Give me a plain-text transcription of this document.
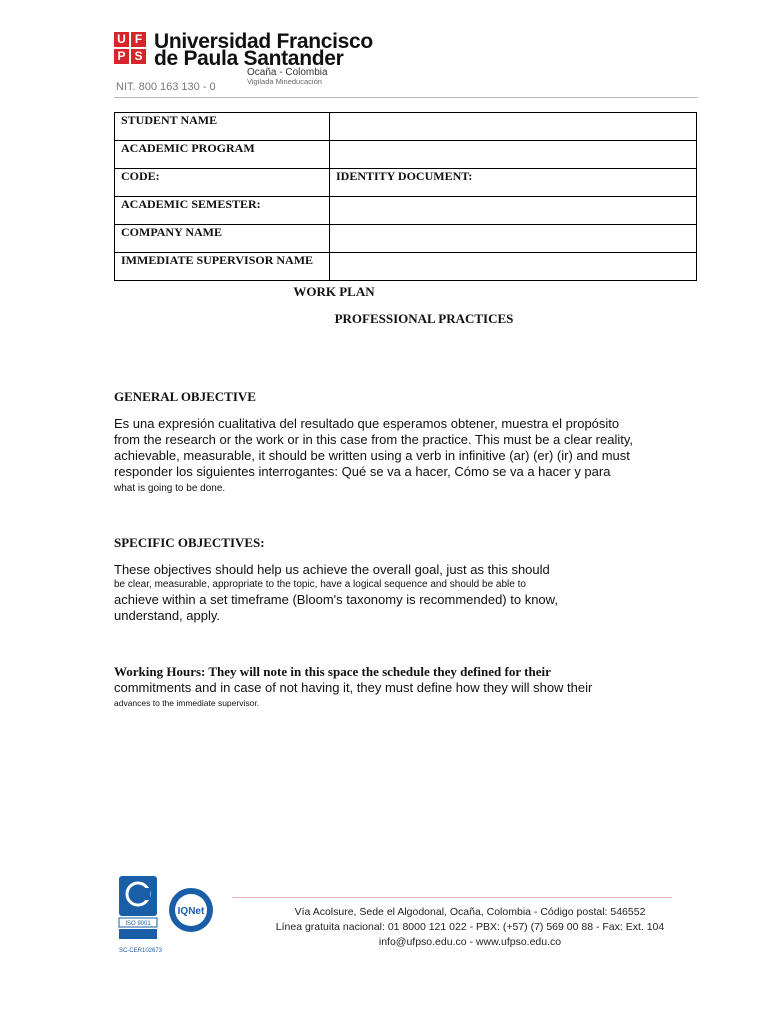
U F
P S
Universidad Francisco
de Paula Santander
Ocaña - Colombia
Vigilada Mineducación
NIT. 800 163 130 - 0
STUDENT NAME	
ACADEMIC PROGRAM	
CODE:	IDENTITY DOCUMENT:
ACADEMIC SEMESTER:	
COMPANY NAME	
IMMEDIATE SUPERVISOR NAME	
WORK PLAN
PROFESSIONAL PRACTICES
GENERAL OBJECTIVE
Es una expresión cualitativa del resultado que esperamos obtener, muestra el propósito
from the research or the work or in this case from the practice. This must be a clear reality,
achievable, measurable, it should be written using a verb in infinitive (ar) (er) (ir) and must
responder los siguientes interrogantes: Qué se va a hacer, Cómo se va a hacer y para
what is going to be done.
SPECIFIC OBJECTIVES:
These objectives should help us achieve the overall goal, just as this should
be clear, measurable, appropriate to the topic, have a logical sequence and should be able to
achieve within a set timeframe (Bloom's taxonomy is recommended) to know,
understand, apply.
Working Hours: They will note in this space the schedule they defined for their
commitments and in case of not having it, they must define how they will show their
advances to the immediate supervisor.
ISO 9001
SC-CER102673
IQNet	Vía Acolsure, Sede el Algodonal, Ocaña, Colombia - Código postal: 546552
Línea gratuita nacional: 01 8000 121 022 - PBX: (+57) (7) 569 00 88 - Fax: Ext. 104
info@ufpso.edu.co - www.ufpso.edu.co
